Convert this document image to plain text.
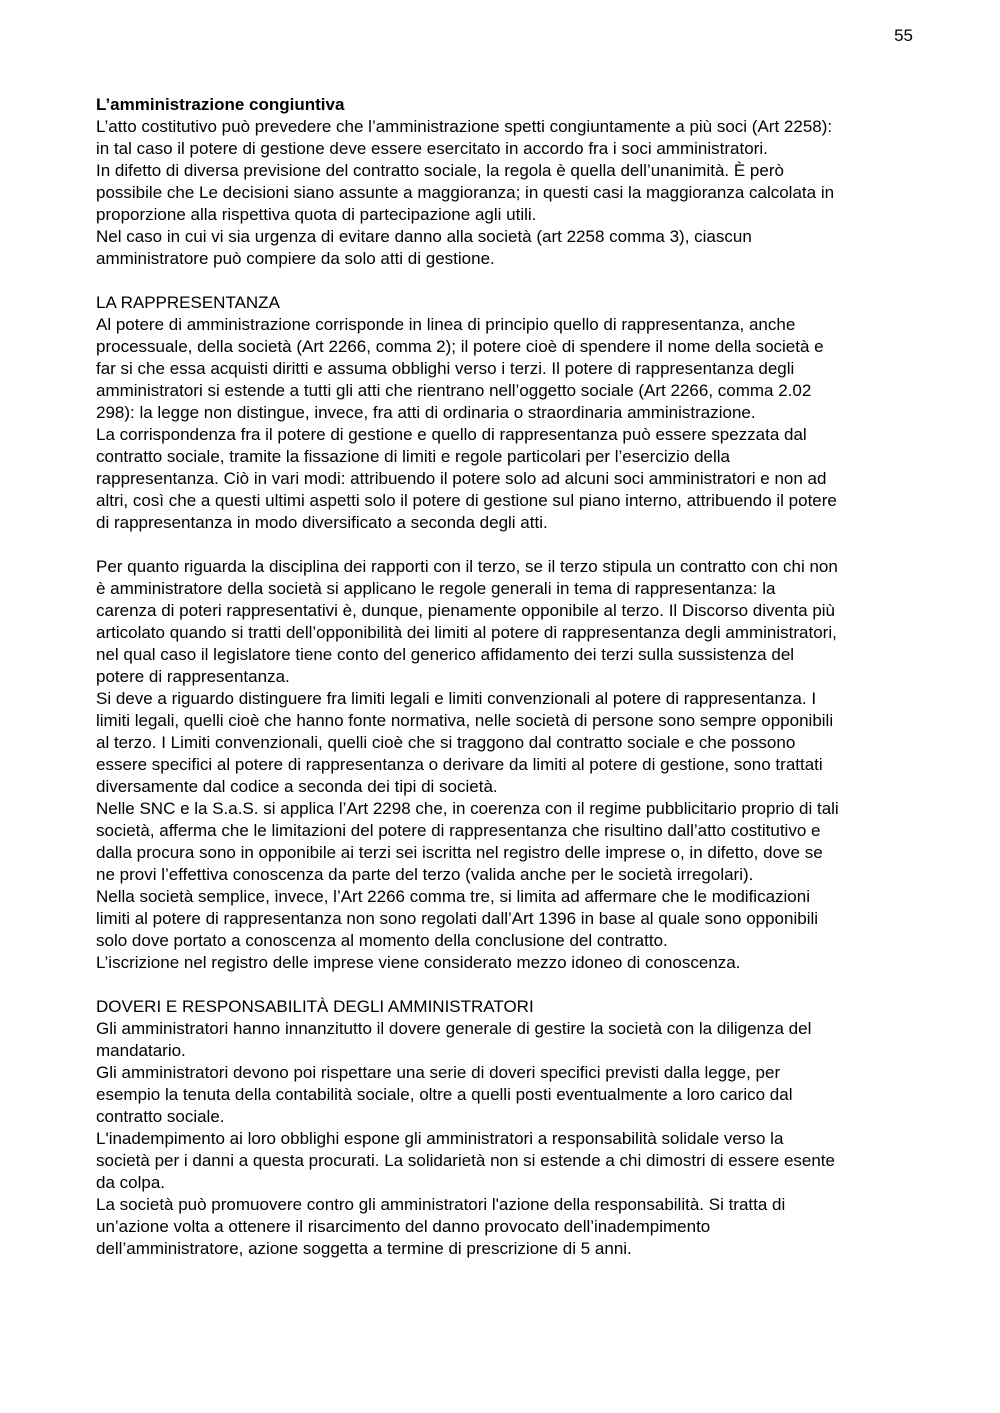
55
L’amministrazione congiuntiva
L’atto costitutivo può prevedere che l’amministrazione spetti congiuntamente a più soci (Art 2258):
in tal caso il potere di gestione deve essere esercitato in accordo fra i soci amministratori.
In difetto di diversa previsione del contratto sociale, la regola è quella dell’unanimità. È però
possibile che Le decisioni siano assunte a maggioranza; in questi casi la maggioranza calcolata in
proporzione alla rispettiva quota di partecipazione agli utili.
Nel caso in cui vi sia urgenza di evitare danno alla società (art 2258 comma 3), ciascun
amministratore può compiere da solo atti di gestione.
LA RAPPRESENTANZA
Al potere di amministrazione corrisponde in linea di principio quello di rappresentanza, anche
processuale, della società (Art 2266, comma 2); il potere cioè di spendere il nome della società e
far si che essa acquisti diritti e assuma obblighi verso i terzi. Il potere di rappresentanza degli
amministratori si estende a tutti gli atti che rientrano nell’oggetto sociale (Art 2266, comma 2.02
298): la legge non distingue, invece, fra atti di ordinaria o straordinaria amministrazione.
La corrispondenza fra il potere di gestione e quello di rappresentanza può essere spezzata dal
contratto sociale, tramite la fissazione di limiti e regole particolari per l’esercizio della
rappresentanza. Ciò in vari modi: attribuendo il potere solo ad alcuni soci amministratori e non ad
altri, così che a questi ultimi aspetti solo il potere di gestione sul piano interno, attribuendo il potere
di rappresentanza in modo diversificato a seconda degli atti.
Per quanto riguarda la disciplina dei rapporti con il terzo, se il terzo stipula un contratto con chi non
è amministratore della società si applicano le regole generali in tema di rappresentanza: la
carenza di poteri rappresentativi è, dunque, pienamente opponibile al terzo. Il Discorso diventa più
articolato quando si tratti dell’opponibilità dei limiti al potere di rappresentanza degli amministratori,
nel qual caso il legislatore tiene conto del generico affidamento dei terzi sulla sussistenza del
potere di rappresentanza.
Si deve a riguardo distinguere fra limiti legali e limiti convenzionali al potere di rappresentanza. I
limiti legali, quelli cioè che hanno fonte normativa, nelle società di persone sono sempre opponibili
al terzo. I Limiti convenzionali, quelli cioè che si traggono dal contratto sociale e che possono
essere specifici al potere di rappresentanza o derivare da limiti al potere di gestione, sono trattati
diversamente dal codice a seconda dei tipi di società.
Nelle SNC e la S.a.S. si applica l’Art 2298 che, in coerenza con il regime pubblicitario proprio di tali
società, afferma che le limitazioni del potere di rappresentanza che risultino dall’atto costitutivo e
dalla procura sono in opponibile ai terzi sei iscritta nel registro delle imprese o, in difetto, dove se
ne provi l’effettiva conoscenza da parte del terzo (valida anche per le società irregolari).
Nella società semplice, invece, l’Art 2266 comma tre, si limita ad affermare che le modificazioni
limiti al potere di rappresentanza non sono regolati dall’Art 1396 in base al quale sono opponibili
solo dove portato a conoscenza al momento della conclusione del contratto.
L’iscrizione nel registro delle imprese viene considerato mezzo idoneo di conoscenza.
DOVERI E RESPONSABILITÀ DEGLI AMMINISTRATORI
Gli amministratori hanno innanzitutto il dovere generale di gestire la società con la diligenza del
mandatario.
Gli amministratori devono poi rispettare una serie di doveri specifici previsti dalla legge, per
esempio la tenuta della contabilità sociale, oltre a quelli posti eventualmente a loro carico dal
contratto sociale.
L'inadempimento ai loro obblighi espone gli amministratori a responsabilità solidale verso la
società per i danni a questa procurati. La solidarietà non si estende a chi dimostri di essere esente
da colpa.
La società può promuovere contro gli amministratori l'azione della responsabilità. Si tratta di
un’azione volta a ottenere il risarcimento del danno provocato dell’inadempimento
dell’amministratore, azione soggetta a termine di prescrizione di 5 anni.
